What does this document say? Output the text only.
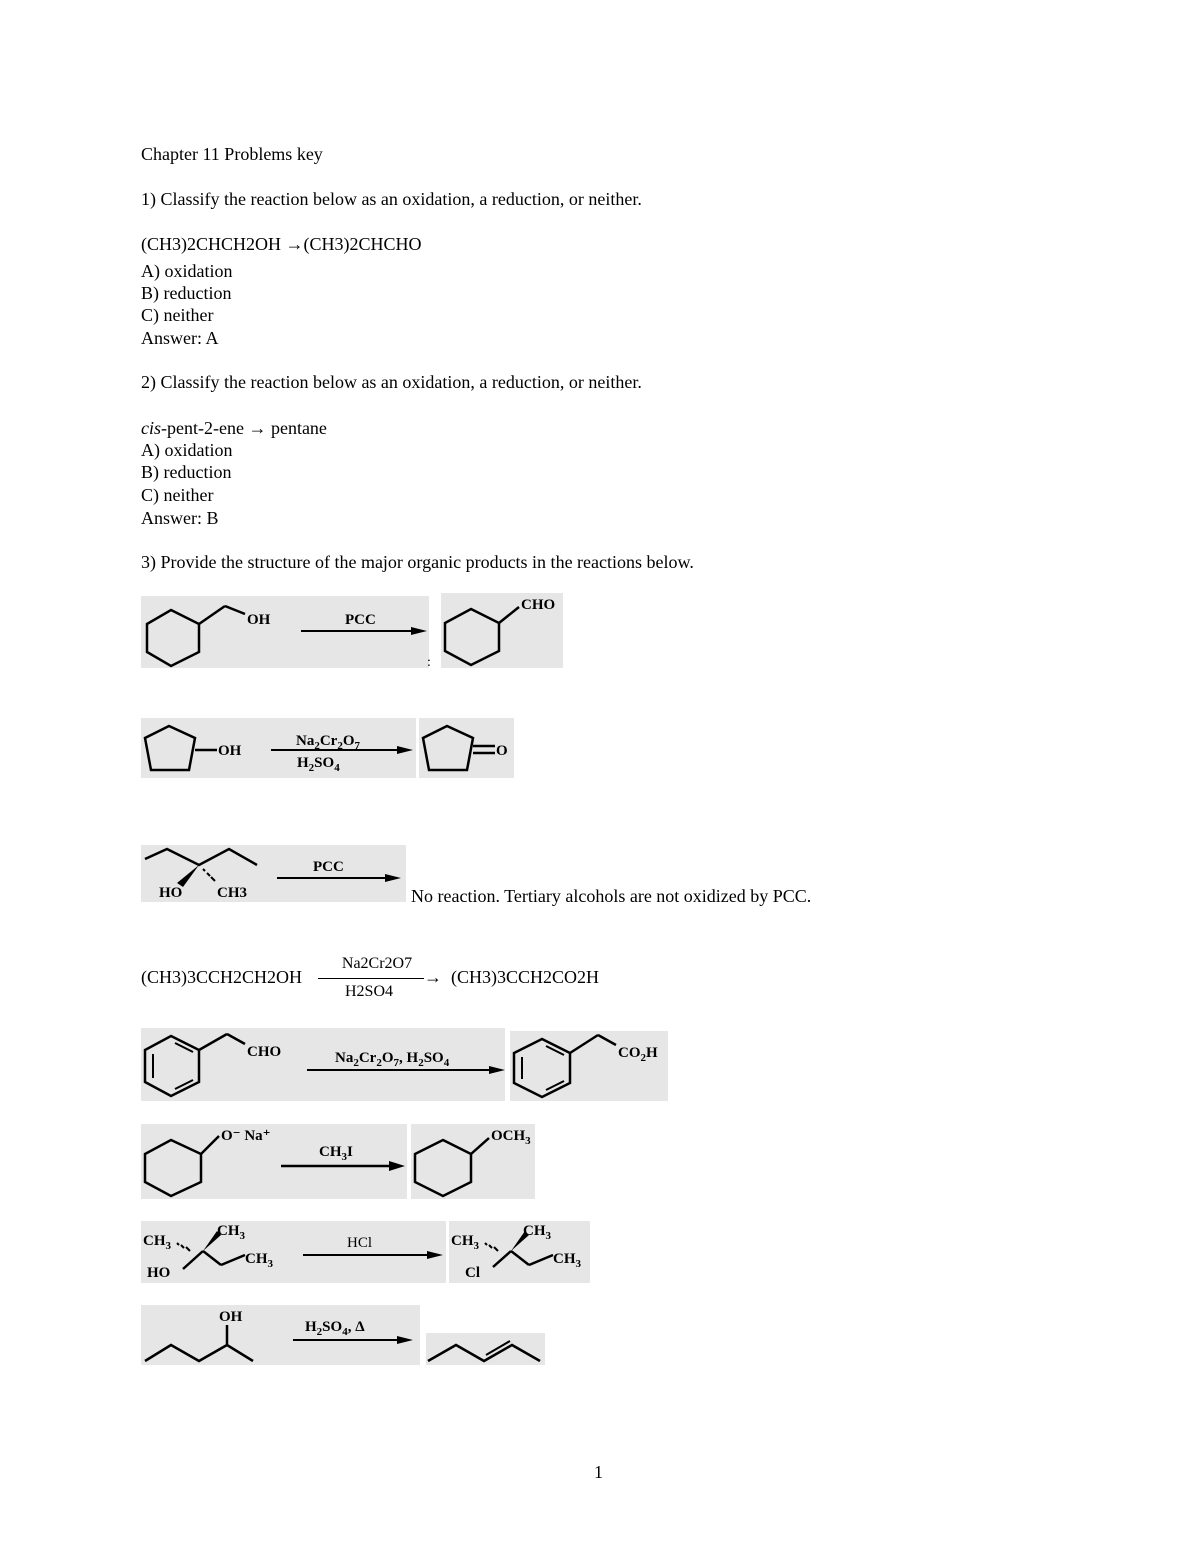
Chapter 11 Problems key
1) Classify the reaction below as an oxidation, a reduction, or neither.
(CH3)2CHCH2OH →(CH3)2CHCHO
A) oxidation
B) reduction
C) neither
Answer: A
2) Classify the reaction below as an oxidation, a reduction, or neither.
cis-pent-2-ene → pentane
A) oxidation
B) reduction
C) neither
Answer: B
3) Provide the structure of the major organic products in the reactions below.
OH	PCC
:
CHO
OH
$Na_2Cr_2O_7$
$H_2SO_4$
O
HO CH3
PCC
No reaction. Tertiary alcohols are not oxidized by PCC.
(CH3)3CCH2CH2OH
Na2Cr2O7
H2SO4
→ (CH3)3CCH2CO2H
CHO	$Na_2Cr_2O_7$, $H_2SO_4$
$CO_2H$
O⁻ Na⁺
$CH_3I$
$OCH_3$
$CH_3$
$CH_3$
$CH_3$
HO
HCl	$CH_3$
$CH_3$
$CH_3$
Cl
OH
$H_2SO_4$, Δ
1
